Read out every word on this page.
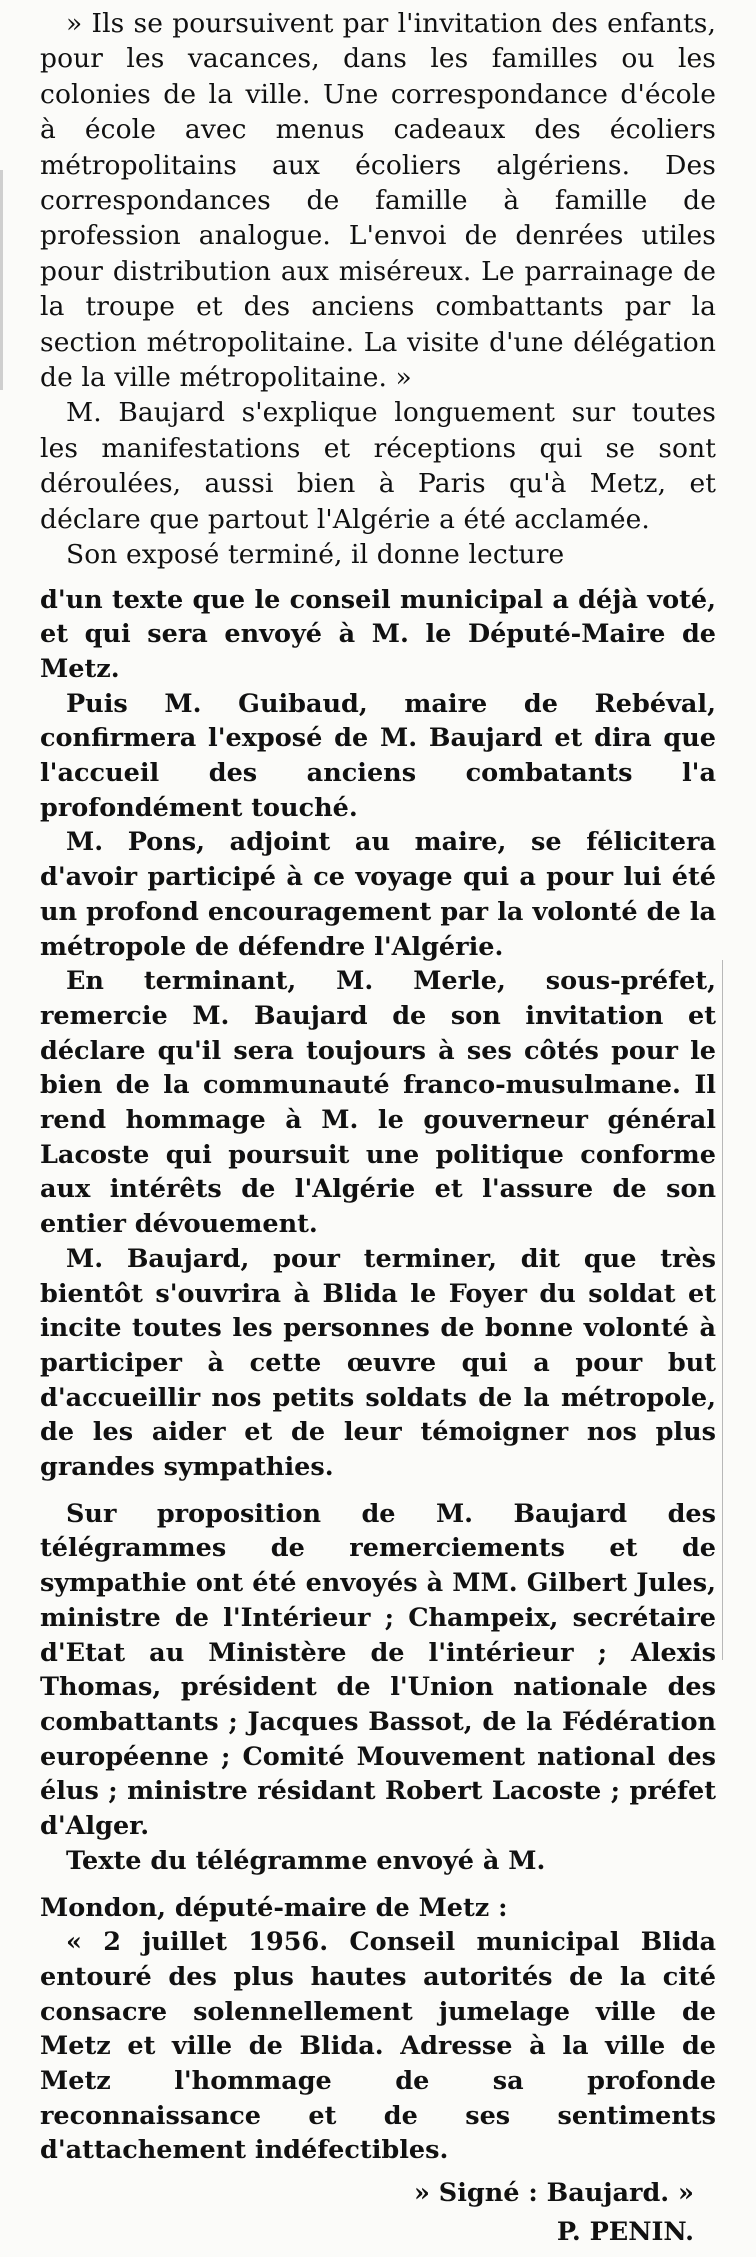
» Ils se poursuivent par l'invitation des enfants, pour les vacances, dans les familles ou les colonies de la ville. Une correspondance d'école à école avec menus cadeaux des écoliers métropolitains aux écoliers algériens. Des correspondances de famille à famille de profession analogue. L'envoi de denrées utiles pour distribution aux miséreux. Le parrainage de la troupe et des anciens combattants par la section métropolitaine. La visite d'une délégation de la ville métropolitaine. »

M. Baujard s'explique longuement sur toutes les manifestations et réceptions qui se sont déroulées, aussi bien à Paris qu'à Metz, et déclare que partout l'Algérie a été acclamée.

Son exposé terminé, il donne lecture

d'un texte que le conseil municipal a déjà voté, et qui sera envoyé à M. le Député-Maire de Metz.

Puis M. Guibaud, maire de Rebéval, confirmera l'exposé de M. Baujard et dira que l'accueil des anciens combatants l'a profondément touché.

M. Pons, adjoint au maire, se félicitera d'avoir participé à ce voyage qui a pour lui été un profond encouragement par la volonté de la métropole de défendre l'Algérie.

En terminant, M. Merle, sous-préfet, remercie M. Baujard de son invitation et déclare qu'il sera toujours à ses côtés pour le bien de la communauté franco-musulmane. Il rend hommage à M. le gouverneur général Lacoste qui poursuit une politique conforme aux intérêts de l'Algérie et l'assure de son entier dévouement.

M. Baujard, pour terminer, dit que très bientôt s'ouvrira à Blida le Foyer du soldat et incite toutes les personnes de bonne volonté à participer à cette œuvre qui a pour but d'accueillir nos petits soldats de la métropole, de les aider et de leur témoigner nos plus grandes sympathies.

Sur proposition de M. Baujard des télégrammes de remerciements et de sympathie ont été envoyés à MM. Gilbert Jules, ministre de l'Intérieur ; Champeix, secrétaire d'Etat au Ministère de l'intérieur ; Alexis Thomas, président de l'Union nationale des combattants ; Jacques Bassot, de la Fédération européenne ; Comité Mouvement national des élus ; ministre résidant Robert Lacoste ; préfet d'Alger.

Texte du télégramme envoyé à M.

Mondon, député-maire de Metz :

« 2 juillet 1956. Conseil municipal Blida entouré des plus hautes autorités de la cité consacre solennellement jumelage ville de Metz et ville de Blida. Adresse à la ville de Metz l'hommage de sa profonde reconnaissance et de ses sentiments d'attachement indéfectibles.

» Signé : Baujard. »

P. PENIN.
